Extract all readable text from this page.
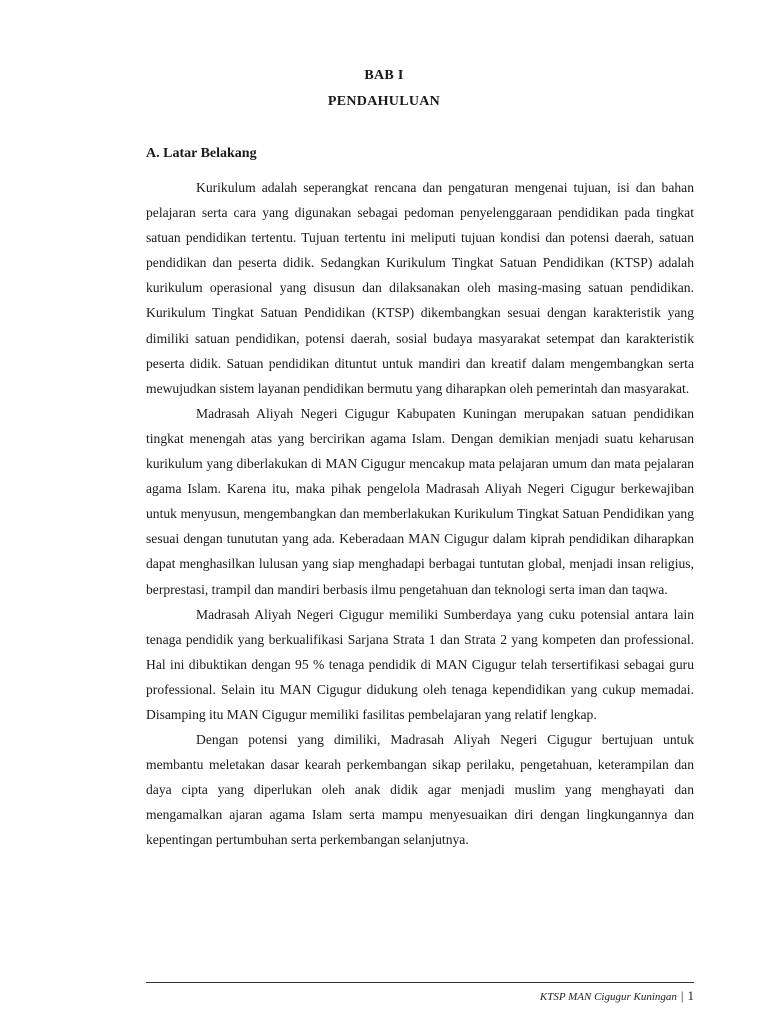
BAB I
PENDAHULUAN
A. Latar Belakang

Kurikulum adalah seperangkat rencana dan pengaturan mengenai tujuan, isi dan bahan pelajaran serta cara yang digunakan sebagai pedoman penyelenggaraan pendidikan pada tingkat satuan pendidikan tertentu. Tujuan tertentu ini meliputi tujuan kondisi dan potensi daerah, satuan pendidikan dan peserta didik. Sedangkan Kurikulum Tingkat Satuan Pendidikan (KTSP) adalah kurikulum operasional yang disusun dan dilaksanakan oleh masing-masing satuan pendidikan. Kurikulum Tingkat Satuan Pendidikan (KTSP) dikembangkan sesuai dengan karakteristik yang dimiliki satuan pendidikan, potensi daerah, sosial budaya masyarakat setempat dan karakteristik peserta didik. Satuan pendidikan dituntut untuk mandiri dan kreatif dalam mengembangkan serta mewujudkan sistem layanan pendidikan bermutu yang diharapkan oleh pemerintah dan masyarakat.

Madrasah Aliyah Negeri Cigugur Kabupaten Kuningan merupakan satuan pendidikan tingkat menengah atas yang bercirikan agama Islam. Dengan demikian menjadi suatu keharusan kurikulum yang diberlakukan di MAN Cigugur mencakup mata pelajaran umum dan mata pejalaran agama Islam. Karena itu, maka pihak pengelola Madrasah Aliyah Negeri Cigugur berkewajiban untuk menyusun, mengembangkan dan memberlakukan Kurikulum Tingkat Satuan Pendidikan yang sesuai dengan tunututan yang ada. Keberadaan MAN Cigugur dalam kiprah pendidikan diharapkan dapat menghasilkan lulusan yang siap menghadapi berbagai tuntutan global, menjadi insan religius, berprestasi, trampil dan mandiri berbasis ilmu pengetahuan dan teknologi serta iman dan taqwa.

Madrasah Aliyah Negeri Cigugur memiliki Sumberdaya yang cuku potensial antara lain tenaga pendidik yang berkualifikasi Sarjana Strata 1 dan Strata 2 yang kompeten dan professional. Hal ini dibuktikan dengan 95 % tenaga pendidik di MAN Cigugur telah tersertifikasi sebagai guru professional. Selain itu MAN Cigugur didukung oleh tenaga kependidikan yang cukup memadai. Disamping itu MAN Cigugur memiliki fasilitas pembelajaran yang relatif lengkap.

Dengan potensi yang dimiliki, Madrasah Aliyah Negeri Cigugur bertujuan untuk membantu meletakan dasar kearah perkembangan sikap perilaku, pengetahuan, keterampilan dan daya cipta yang diperlukan oleh anak didik agar menjadi muslim yang menghayati dan mengamalkan ajaran agama Islam serta mampu menyesuaikan diri dengan lingkungannya dan kepentingan pertumbuhan serta perkembangan selanjutnya.

KTSP MAN Cigugur Kuningan | 1
